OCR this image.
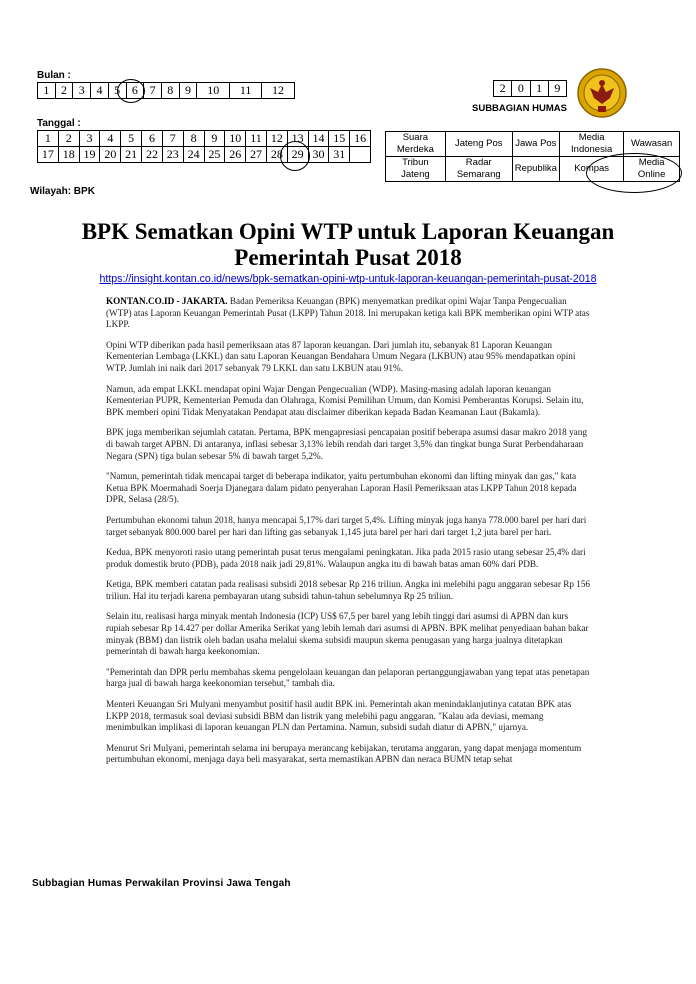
Bulan :
1	2	3	4	5	6	7	8	9	10	11	12
Tanggal :
1	2	3	4	5	6	7	8	9	10	11	12	13	14	15	16
17	18	19	20	21	22	23	24	25	26	27	28	29	30	31	
Wilayah: BPK
2	0	1	9
SUBBAGIAN HUMAS
Suara Merdeka	Jateng Pos	Jawa Pos	Media Indonesia	Wawasan
Tribun Jateng	Radar Semarang	Republika	Kompas	Media Online
BPK Sematkan Opini WTP untuk Laporan Keuangan
Pemerintah Pusat 2018
https://insight.kontan.co.id/news/bpk-sematkan-opini-wtp-untuk-laporan-keuangan-pemerintah-pusat-2018

KONTAN.CO.ID - JAKARTA. Badan Pemeriksa Keuangan (BPK) menyematkan predikat opini Wajar Tanpa Pengecualian (WTP) atas Laporan Keuangan Pemerintah Pusat (LKPP) Tahun 2018. Ini merupakan ketiga kali BPK memberikan opini WTP atas LKPP.

Opini WTP diberikan pada hasil pemeriksaan atas 87 laporan keuangan. Dari jumlah itu, sebanyak 81 Laporan Keuangan Kementerian Lembaga (LKKL) dan satu Laporan Keuangan Bendahara Umum Negara (LKBUN) atau 95% mendapatkan opini WTP. Jumlah ini naik dari 2017 sebanyak 79 LKKL dan satu LKBUN atau 91%.

Namun, ada empat LKKL mendapat opini Wajar Dengan Pengecualian (WDP). Masing-masing adalah laporan keuangan Kementerian PUPR, Kementerian Pemuda dan Olahraga, Komisi Pemilihan Umum, dan Komisi Pemberantas Korupsi. Selain itu, BPK memberi opini Tidak Menyatakan Pendapat atau disclaimer diberikan kepada Badan Keamanan Laut (Bakamla).

BPK juga memberikan sejumlah catatan. Pertama, BPK mengapresiasi pencapaian positif beberapa asumsi dasar makro 2018 yang di bawah target APBN. Di antaranya, inflasi sebesar 3,13% lebih rendah dari target 3,5% dan tingkat bunga Surat Perbendaharaan Negara (SPN) tiga bulan sebesar 5% di bawah target 5,2%.

"Namun, pemerintah tidak mencapai target di beberapa indikator, yaitu pertumbuhan ekonomi dan lifting minyak dan gas," kata Ketua BPK Moermahadi Soerja Djanegara dalam pidato penyerahan Laporan Hasil Pemeriksaan atas LKPP Tahun 2018 kepada DPR, Selasa (28/5).

Pertumbuhan ekonomi tahun 2018, hanya mencapai 5,17% dari target 5,4%. Lifting minyak juga hanya 778.000 barel per hari dari target sebanyak 800.000 barel per hari dan lifting gas sebanyak 1,145 juta barel per hari dari target 1,2 juta barel per hari.

Kedua, BPK menyoroti rasio utang pemerintah pusat terus mengalami peningkatan. Jika pada 2015 rasio utang sebesar 25,4% dari produk domestik bruto (PDB), pada 2018 naik jadi 29,81%. Walaupun angka itu di bawah batas aman 60% dari PDB.

Ketiga, BPK memberi catatan pada realisasi subsidi 2018 sebesar Rp 216 triliun. Angka ini melebihi pagu anggaran sebesar Rp 156 triliun. Hal itu terjadi karena pembayaran utang subsidi tahun-tahun sebelumnya Rp 25 triliun.

Selain itu, realisasi harga minyak mentah Indonesia (ICP) US$ 67,5 per barel yang lebih tinggi dari asumsi di APBN dan kurs rupiah sebesar Rp 14.427 per dollar Amerika Serikat yang lebih lemah dari asumsi di APBN. BPK melihat penyediaan bahan bakar minyak (BBM) dan listrik oleh badan usaha melalui skema subsidi maupun skema penugasan yang harga jualnya ditetapkan pemerintah di bawah harga keekonomian.

"Pemerintah dan DPR perlu membahas skema pengelolaan keuangan dan pelaporan pertanggungjawaban yang tepat atas penetapan harga jual di bawah harga keekonomian tersebut," tambah dia.

Menteri Keuangan Sri Mulyani menyambut positif hasil audit BPK ini. Pemerintah akan menindaklanjutinya catatan BPK atas LKPP 2018, termasuk soal deviasi subsidi BBM dan listrik yang melebihi pagu anggaran. "Kalau ada deviasi, memang menimbulkan implikasi di laporan keuangan PLN dan Pertamina. Namun, subsidi sudah diatur di APBN," ujarnya.

Menurut Sri Mulyani, pemerintah selama ini berupaya merancang kebijakan, terutama anggaran, yang dapat menjaga momentum pertumbuhan ekonomi, menjaga daya beli masyarakat, serta memastikan APBN dan neraca BUMN tetap sehat

Subbagian Humas Perwakilan Provinsi Jawa Tengah
